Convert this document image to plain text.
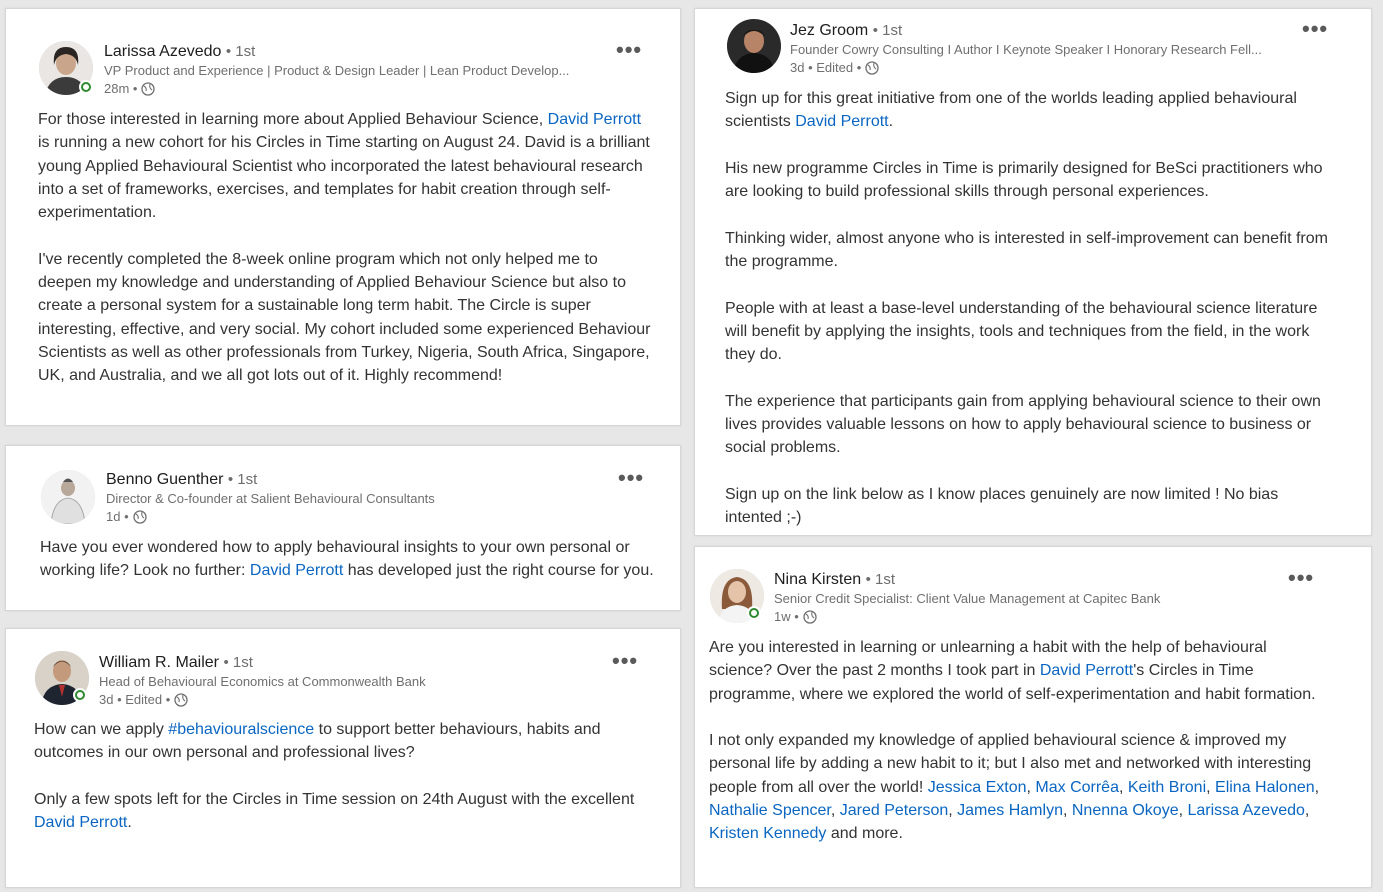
Larissa Azevedo • 1st
VP Product and Experience | Product & Design Leader | Lean Product Develop...
28m •
•••

For those interested in learning more about Applied Behaviour Science, David Perrott is running a new cohort for his Circles in Time starting on August 24. David is a brilliant young Applied Behavioural Scientist who incorporated the latest behavioural research into a set of frameworks, exercises, and templates for habit creation through self-experimentation.

I've recently completed the 8-week online program which not only helped me to deepen my knowledge and understanding of Applied Behaviour Science but also to create a personal system for a sustainable long term habit. The Circle is super interesting, effective, and very social. My cohort included some experienced Behaviour Scientists as well as other professionals from Turkey, Nigeria, South Africa, Singapore, UK, and Australia, and we all got lots out of it. Highly recommend!

Benno Guenther • 1st
Director & Co-founder at Salient Behavioural Consultants
1d •
•••

Have you ever wondered how to apply behavioural insights to your own personal or working life? Look no further: David Perrott has developed just the right course for you.

William R. Mailer • 1st
Head of Behavioural Economics at Commonwealth Bank
3d • Edited •
•••

How can we apply #behaviouralscience to support better behaviours, habits and outcomes in our own personal and professional lives?

Only a few spots left for the Circles in Time session on 24th August with the excellent David Perrott.

Jez Groom • 1st
Founder Cowry Consulting I Author I Keynote Speaker I Honorary Research Fell...
3d • Edited •
•••

Sign up for this great initiative from one of the worlds leading applied behavioural scientists David Perrott.

His new programme Circles in Time is primarily designed for BeSci practitioners who are looking to build professional skills through personal experiences.

Thinking wider, almost anyone who is interested in self-improvement can benefit from the programme.

People with at least a base-level understanding of the behavioural science literature will benefit by applying the insights, tools and techniques from the field, in the work they do.

The experience that participants gain from applying behavioural science to their own lives provides valuable lessons on how to apply behavioural science to business or social problems.

Sign up on the link below as I know places genuinely are now limited ! No bias intented ;-)

Nina Kirsten • 1st
Senior Credit Specialist: Client Value Management at Capitec Bank
1w •
•••

Are you interested in learning or unlearning a habit with the help of behavioural science? Over the past 2 months I took part in David Perrott's Circles in Time programme, where we explored the world of self-experimentation and habit formation.

I not only expanded my knowledge of applied behavioural science & improved my personal life by adding a new habit to it; but I also met and networked with interesting people from all over the world! Jessica Exton, Max Corrêa, Keith Broni, Elina Halonen, Nathalie Spencer, Jared Peterson, James Hamlyn, Nnenna Okoye, Larissa Azevedo, Kristen Kennedy and more.
